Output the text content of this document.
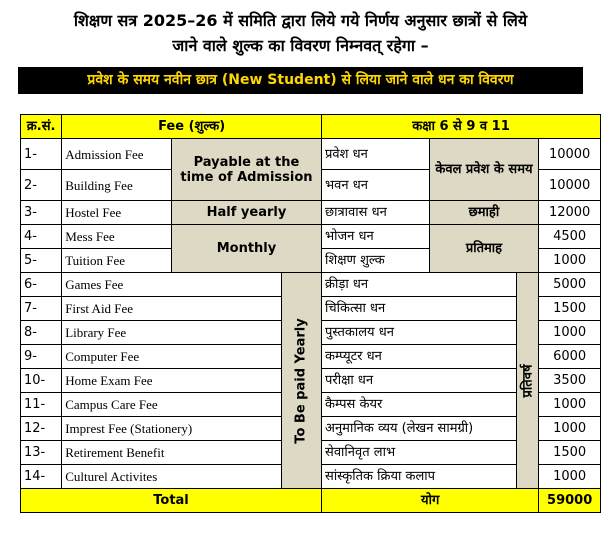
शिक्षण सत्र 2025–26 में समिति द्वारा लिये गये निर्णय अनुसार छात्रों से लिये
जाने वाले शुल्क का विवरण निम्नवत् रहेगा –
प्रवेश के समय नवीन छात्र (New Student) से लिया जाने वाले धन का विवरण
क्र.सं.	Fee (शुल्क)			कक्षा 6 से 9 व 11			
1-	Admission Fee	Payable at the time of Admission		प्रवेश धन	केवल प्रवेश के समय		10000
2-	Building Fee			भवन धन			10000
3-	Hostel Fee	Half yearly		छात्रावास धन	छमाही		12000
4-	Mess Fee	Monthly		भोजन धन	प्रतिमाह		4500
5-	Tuition Fee			शिक्षण शुल्क			1000
6-	Games Fee		To Be paid Yearly	क्रीड़ा धन		प्रतिवर्ष	5000
7-	First Aid Fee			चिकित्सा धन			1500
8-	Library Fee			पुस्तकालय धन			1000
9-	Computer Fee			कम्प्यूटर धन			6000
10-	Home Exam Fee			परीक्षा धन			3500
11-	Campus Care Fee			कैम्पस केयर			1000
12-	Imprest Fee (Stationery)			अनुमानिक व्यय (लेखन सामग्री)			1000
13-	Retirement Benefit			सेवानिवृत लाभ			1500
14-	Culturel Activites			सांस्कृतिक क्रिया कलाप			1000
Total				योग			59000
